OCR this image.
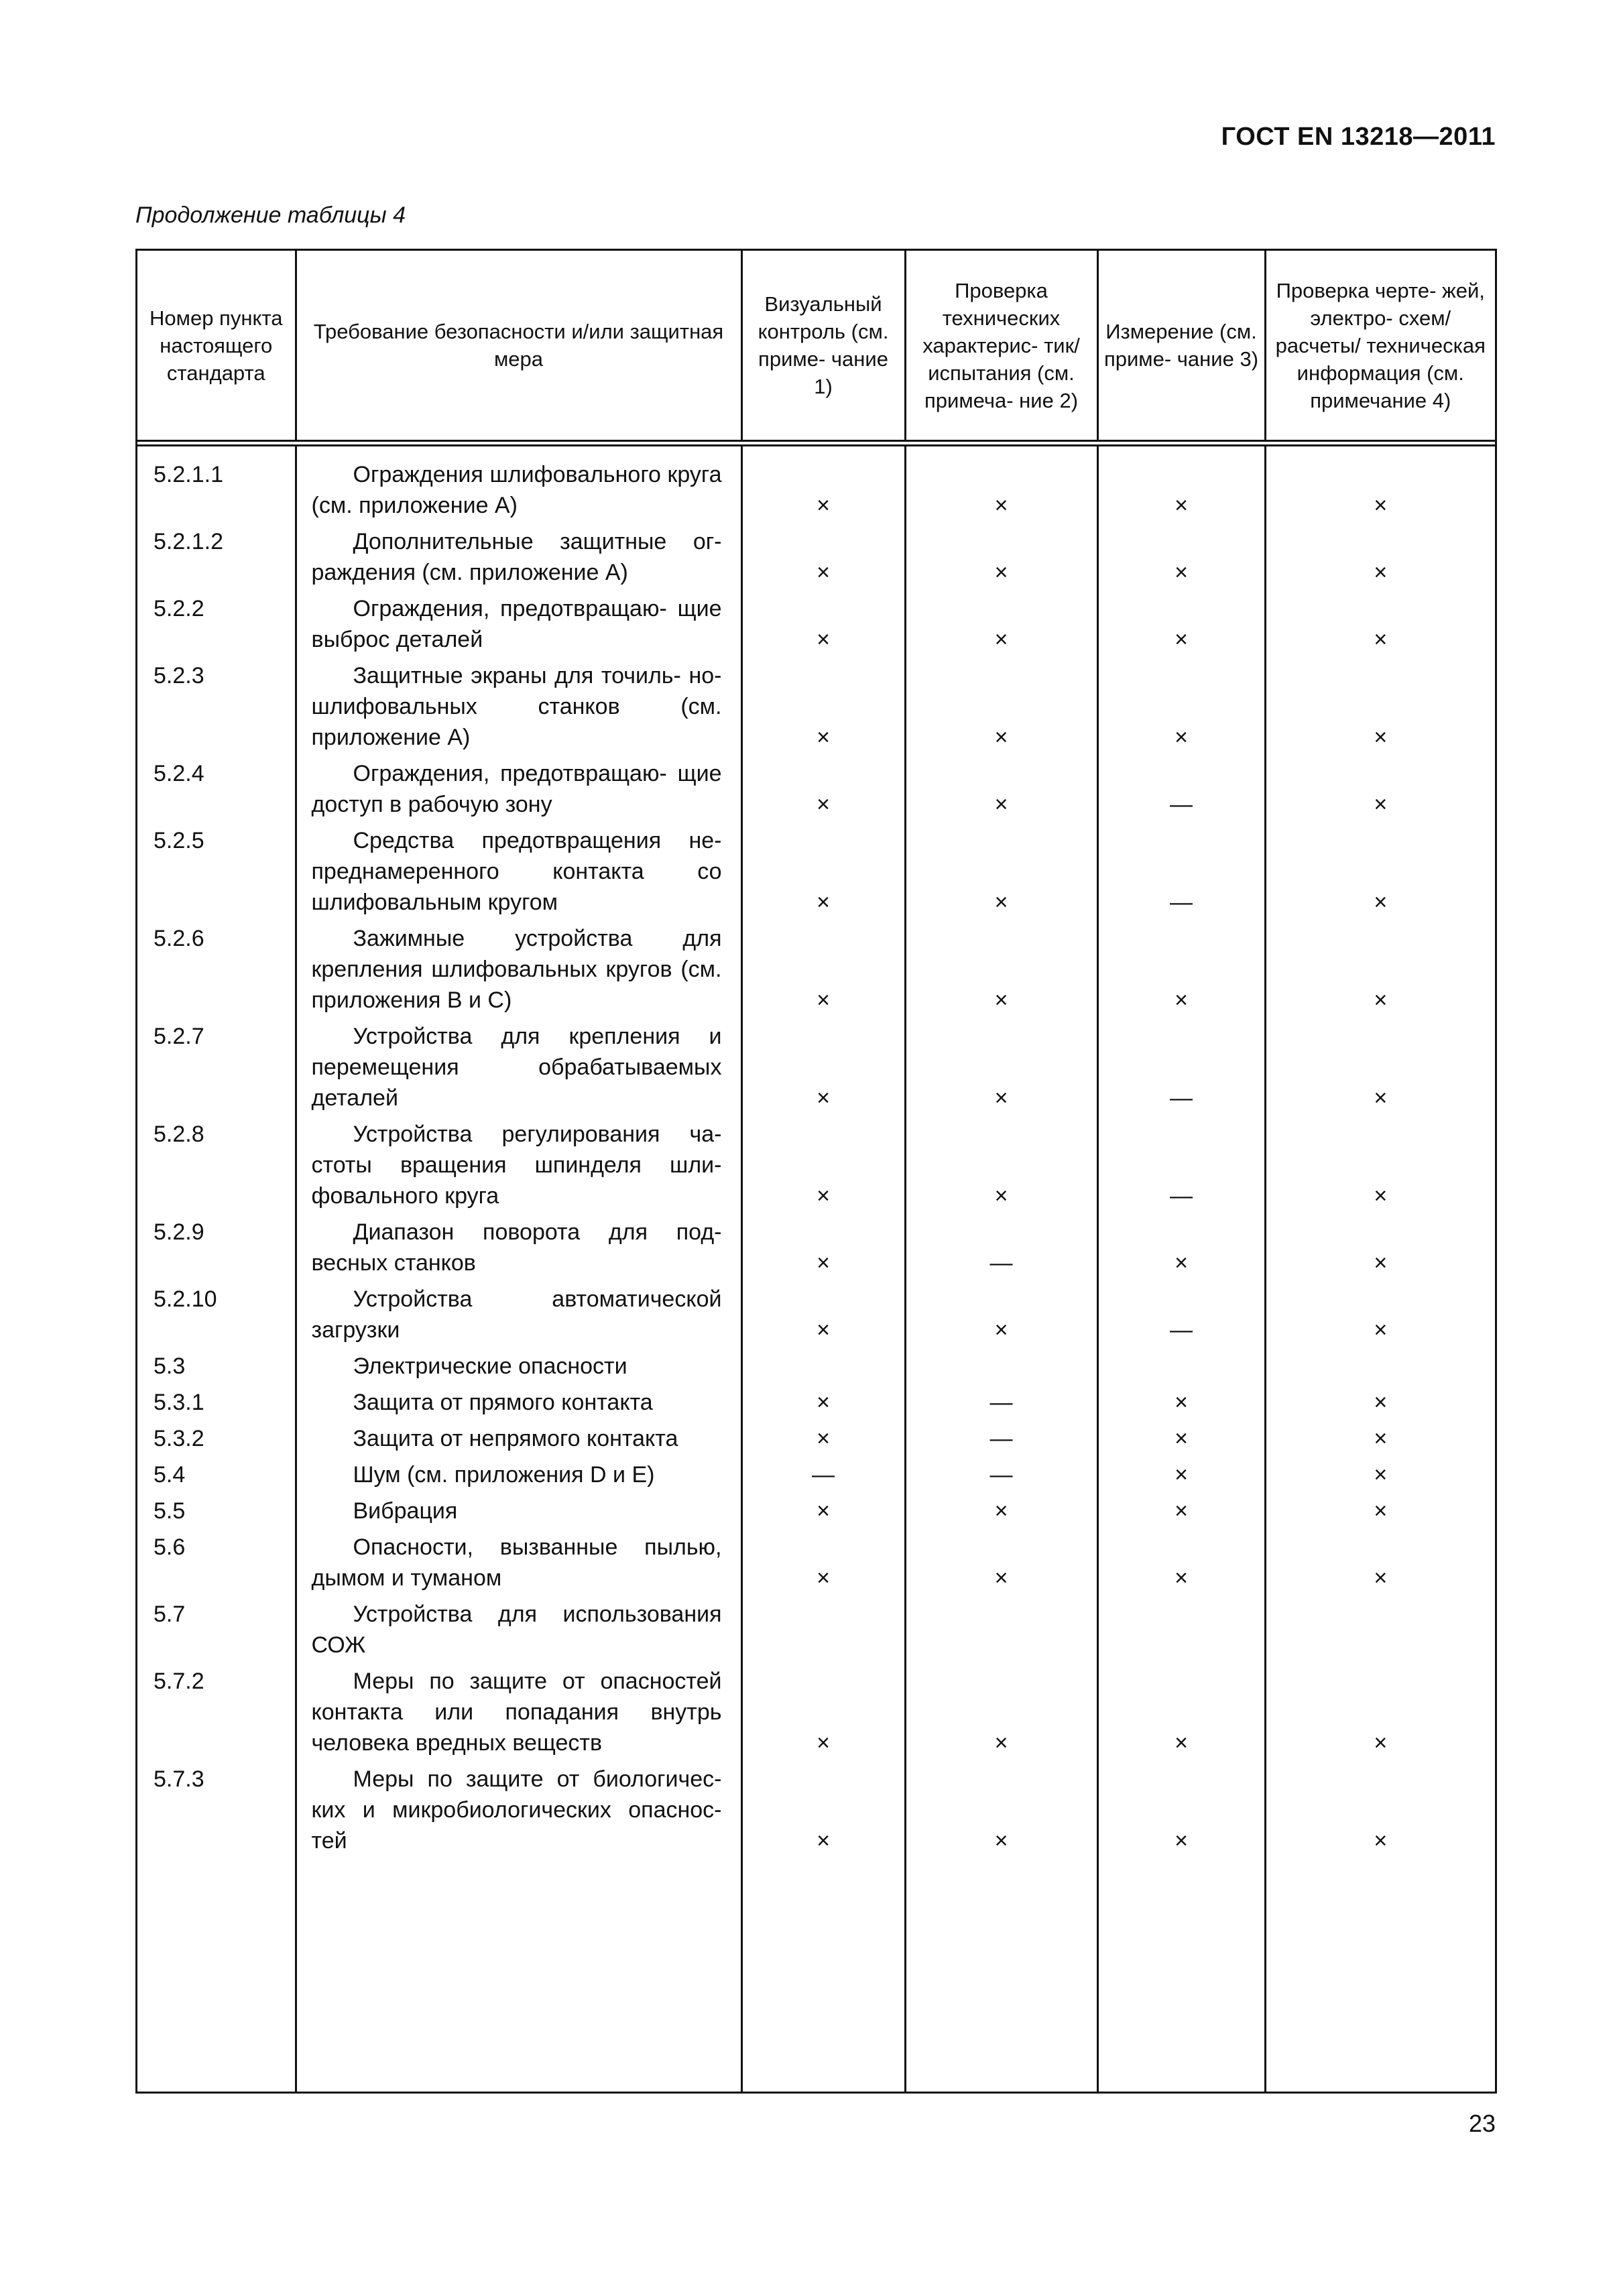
ГОСТ EN 13218—2011
Продолжение таблицы 4
Номер пункта настоящего стандарта	Требование безопасности и/или защитная мера	Визуальный контроль (см. приме- чание 1)	Проверка технических характерис- тик/испытания (см. примеча- ние 2)	Измерение (см. приме- чание 3)	Проверка черте- жей, электро- схем/расчеты/ техническая информация (см. примечание 4)

5.2.1.1	Ограждения шлифовального круга (см. приложение A)	×	×	×	×
5.2.1.2	Дополнительные защитные ог- раждения (см. приложение A)	×	×	×	×
5.2.2	Ограждения, предотвращаю- щие выброс деталей	×	×	×	×
5.2.3	Защитные экраны для точиль- но-шлифовальных станков (см. приложение A)	×	×	×	×
5.2.4	Ограждения, предотвращаю- щие доступ в рабочую зону	×	×	—	×
5.2.5	Средства предотвращения не- преднамеренного контакта со шлифовальным кругом	×	×	—	×
5.2.6	Зажимные устройства для крепления шлифовальных кругов (см. приложения B и C)	×	×	×	×
5.2.7	Устройства для крепления и перемещения обрабатываемых деталей	×	×	—	×
5.2.8	Устройства регулирования ча- стоты вращения шпинделя шли- фовального круга	×	×	—	×
5.2.9	Диапазон поворота для под- весных станков	×	—	×	×
5.2.10	Устройства автоматической загрузки	×	×	—	×
5.3	Электрические опасности				
5.3.1	Защита от прямого контакта	×	—	×	×
5.3.2	Защита от непрямого контакта	×	—	×	×
5.4	Шум (см. приложения D и E)	—	—	×	×
5.5	Вибрация	×	×	×	×
5.6	Опасности, вызванные пылью, дымом и туманом	×	×	×	×
5.7	Устройства для использования СОЖ				
5.7.2	Меры по защите от опасностей контакта или попадания внутрь человека вредных веществ	×	×	×	×
5.7.3	Меры по защите от биологичес- ких и микробиологических опаснос- тей	×	×	×	×

23
